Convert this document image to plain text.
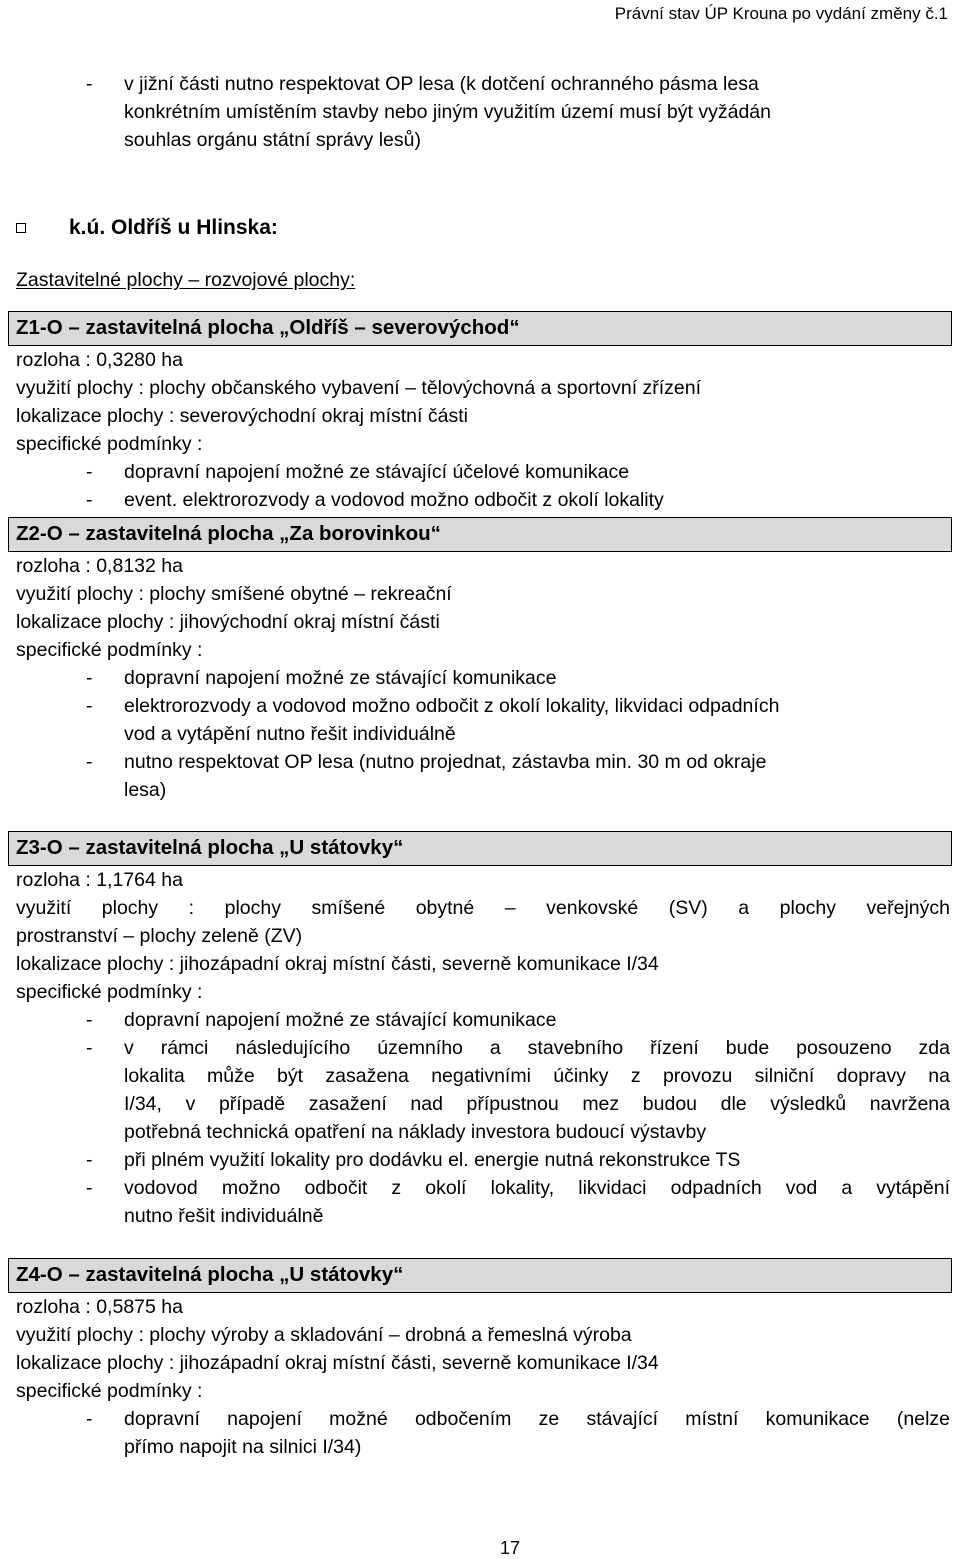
Právní stav ÚP Krouna po vydání změny č.1
- v jižní části nutno respektovat OP lesa (k dotčení ochranného pásma lesa
konkrétním umístěním stavby nebo jiným využitím území musí být vyžádán
souhlas orgánu státní správy lesů)
k.ú. Oldříš u Hlinska:
Zastavitelné plochy – rozvojové plochy:
Z1-O – zastavitelná plocha „Oldříš – severovýchod“
rozloha : 0,3280 ha
využití plochy : plochy občanského vybavení – tělovýchovná a sportovní zřízení
lokalizace plochy : severovýchodní okraj místní části
specifické podmínky :
- dopravní napojení možné ze stávající účelové komunikace
- event. elektrorozvody a vodovod možno odbočit z okolí lokality
Z2-O – zastavitelná plocha „Za borovinkou“
rozloha : 0,8132 ha
využití plochy : plochy smíšené obytné – rekreační
lokalizace plochy : jihovýchodní okraj místní části
specifické podmínky :
- dopravní napojení možné ze stávající komunikace
- elektrorozvody a vodovod možno odbočit z okolí lokality, likvidaci odpadních
vod a vytápění nutno řešit individuálně
- nutno respektovat OP lesa (nutno projednat, zástavba min. 30 m od okraje
lesa)
Z3-O – zastavitelná plocha „U státovky“
rozloha : 1,1764 ha
využití plochy : plochy smíšené obytné – venkovské (SV) a plochy veřejných
prostranství – plochy zeleně (ZV)
lokalizace plochy : jihozápadní okraj místní části, severně komunikace I/34
specifické podmínky :
- dopravní napojení možné ze stávající komunikace
- v rámci následujícího územního a stavebního řízení bude posouzeno zda
lokalita může být zasažena negativními účinky z provozu silniční dopravy na
I/34, v případě zasažení nad přípustnou mez budou dle výsledků navržena
potřebná technická opatření na náklady investora budoucí výstavby
- při plném využití lokality pro dodávku el. energie nutná rekonstrukce TS
- vodovod možno odbočit z okolí lokality, likvidaci odpadních vod a vytápění
nutno řešit individuálně
Z4-O – zastavitelná plocha „U státovky“
rozloha : 0,5875 ha
využití plochy : plochy výroby a skladování – drobná a řemeslná výroba
lokalizace plochy : jihozápadní okraj místní části, severně komunikace I/34
specifické podmínky :
- dopravní napojení možné odbočením ze stávající místní komunikace (nelze
přímo napojit na silnici I/34)
17
